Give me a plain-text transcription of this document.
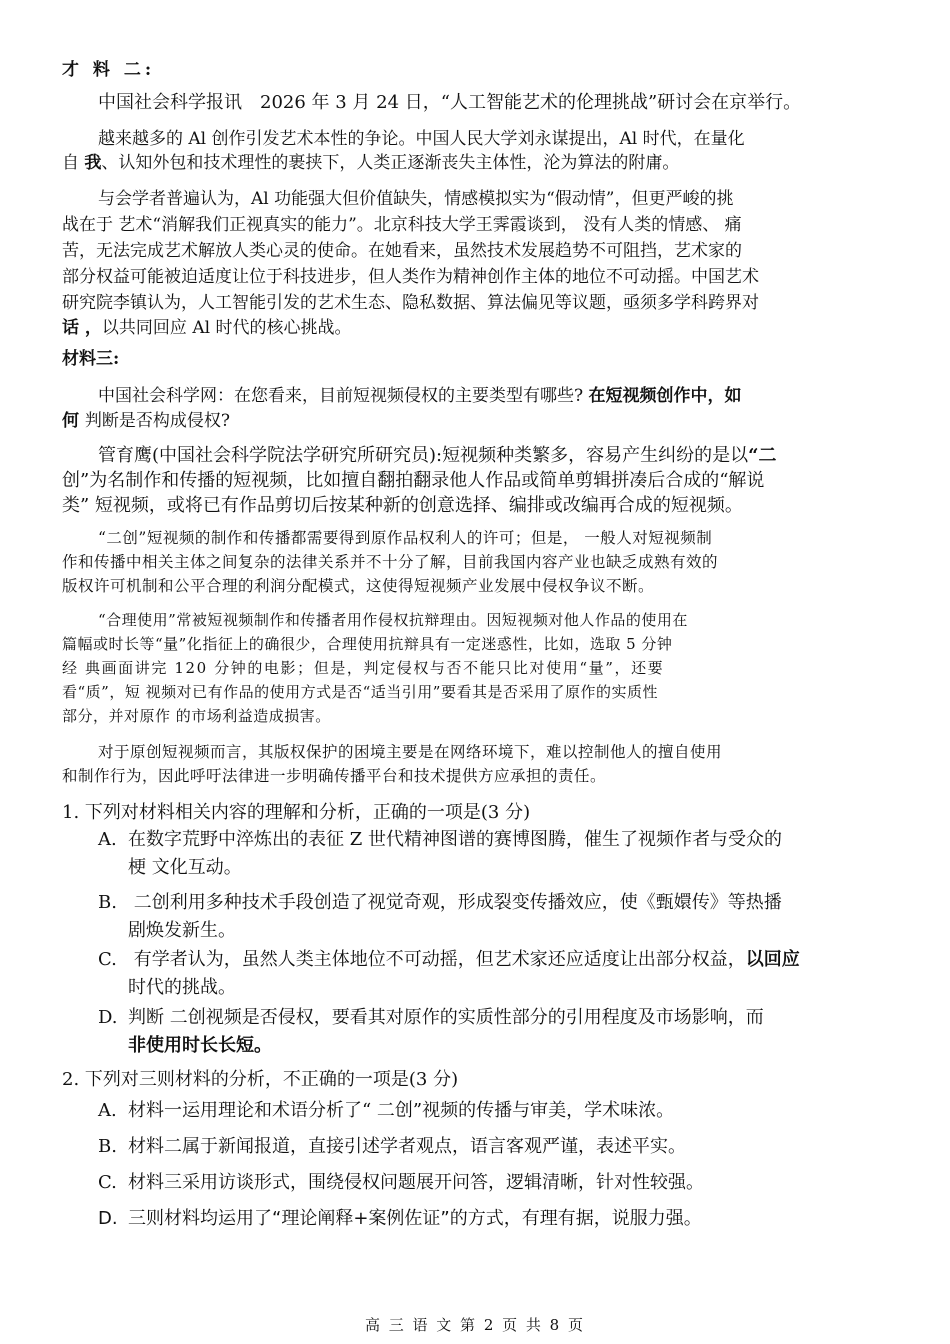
才 料 二:
中国社会科学报讯　2026 年 3 月 24 日，“人工智能艺术的伦理挑战”研讨会在京举行。
越来越多的 Al 创作引发艺术本性的争论。中国人民大学刘永谋提出，Al 时代，在量化
自 我、认知外包和技术理性的裹挟下，人类正逐渐丧失主体性，沦为算法的附庸。
与会学者普遍认为，Al 功能强大但价值缺失，情感模拟实为“假动情”，但更严峻的挑
战在于 艺术“消解我们正视真实的能力”。北京科技大学王霁霞谈到， 没有人类的情感、 痛
苦，无法完成艺术解放人类心灵的使命。在她看来，虽然技术发展趋势不可阻挡，艺术家的
部分权益可能被迫适度让位于科技进步，但人类作为精神创作主体的地位不可动摇。中国艺术
研究院李镇认为，人工智能引发的艺术生态、隐私数据、算法偏见等议题，亟须多学科跨界对
话 ，以共同回应 Al 时代的核心挑战。
材料三:
中国社会科学网：在您看来，目前短视频侵权的主要类型有哪些? 在短视频创作中，如
何 判断是否构成侵权?
管育鹰(中国社会科学院法学研究所研究员):短视频种类繁多，容易产生纠纷的是以“二
创”为名制作和传播的短视频，比如擅自翻拍翻录他人作品或简单剪辑拼凑后合成的“解说
类” 短视频，或将已有作品剪切后按某种新的创意选择、编排或改编再合成的短视频。
“二创”短视频的制作和传播都需要得到原作品权利人的许可；但是， 一般人对短视频制
作和传播中相关主体之间复杂的法律关系并不十分了解，目前我国内容产业也缺乏成熟有效的
版权许可机制和公平合理的利润分配模式，这使得短视频产业发展中侵权争议不断。
“合理使用”常被短视频制作和传播者用作侵权抗辩理由。因短视频对他人作品的使用在
篇幅或时长等“量”化指征上的确很少，合理使用抗辩具有一定迷惑性，比如，选取 5 分钟
经 典画面讲完 120 分钟的电影；但是，判定侵权与否不能只比对使用“量”，还要
看“质”，短 视频对已有作品的使用方式是否“适当引用”要看其是否采用了原作的实质性
部分，并对原作 的市场利益造成损害。
对于原创短视频而言，其版权保护的困境主要是在网络环境下，难以控制他人的擅自使用
和制作行为，因此呼吁法律进一步明确传播平台和技术提供方应承担的责任。
1. 下列对材料相关内容的理解和分析，正确的一项是(3 分)
A. 在数字荒野中淬炼出的表征 Z 世代精神图谱的赛博图腾，催生了视频作者与受众的
梗 文化互动。
B. 二创利用多种技术手段创造了视觉奇观，形成裂变传播效应，使《甄嬛传》等热播
剧焕发新生。
C. 有学者认为，虽然人类主体地位不可动摇，但艺术家还应适度让出部分权益，以回应
时代的挑战。
D. 判断 二创视频是否侵权，要看其对原作的实质性部分的引用程度及市场影响，而
非使用时长长短。
2. 下列对三则材料的分析，不正确的一项是(3 分)
A. 材料一运用理论和术语分析了“ 二创”视频的传播与审美，学术味浓。
B. 材料二属于新闻报道，直接引述学者观点，语言客观严谨，表述平实。
C. 材料三采用访谈形式，围绕侵权问题展开问答，逻辑清晰，针对性较强。
D. 三则材料均运用了“理论阐释+案例佐证”的方式，有理有据，说服力强。
高 三 语 文 第 2 页 共 8 页
